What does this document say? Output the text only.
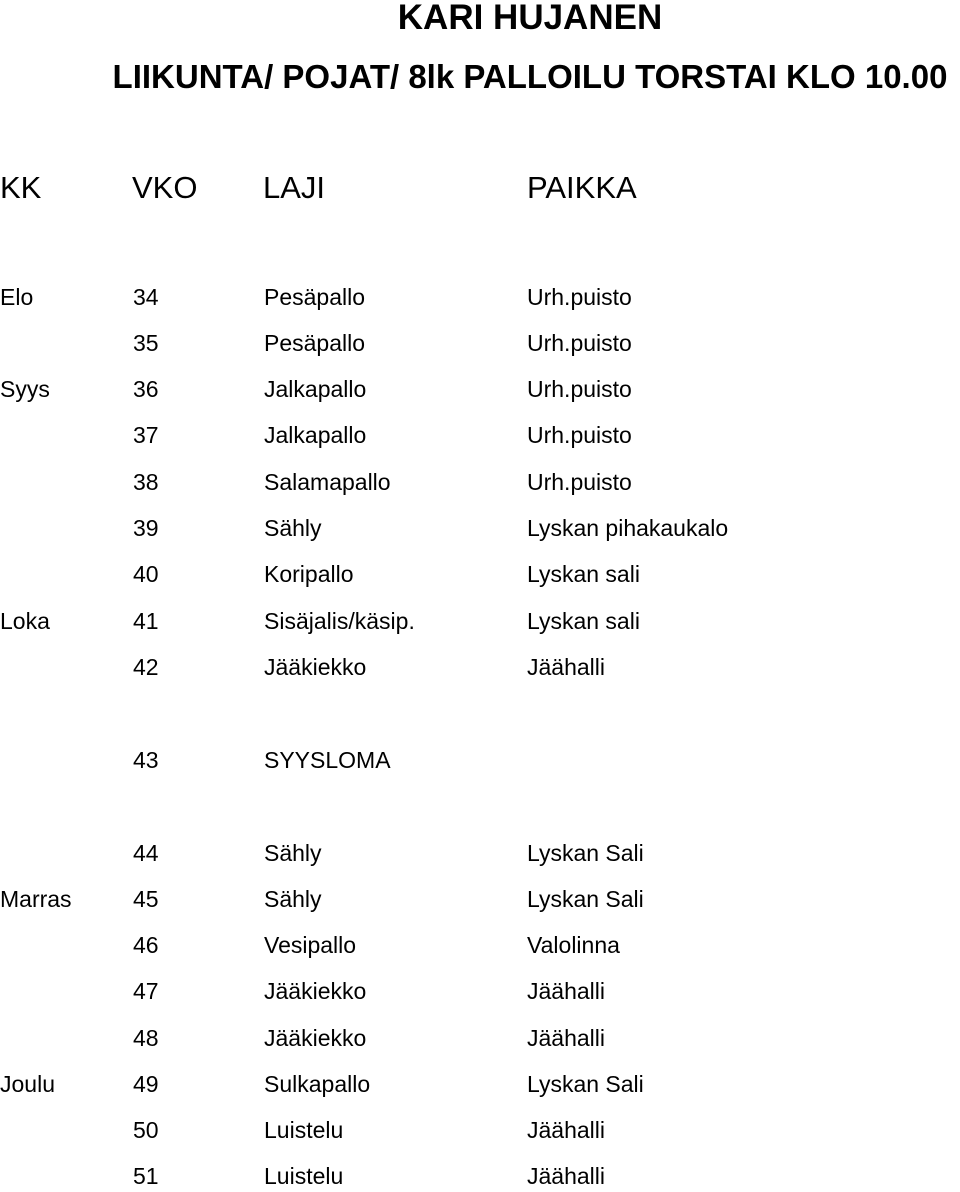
KARI HUJANEN
LIIKUNTA/ POJAT/ 8lk PALLOILU TORSTAI KLO 10.00
KK	VKO LAJI	PAIKKA
Elo	34	Pesäpallo	Urh.puisto
35	Pesäpallo	Urh.puisto
Syys	36	Jalkapallo	Urh.puisto
37	Jalkapallo	Urh.puisto
38	Salamapallo	Urh.puisto
39	Sähly	Lyskan pihakaukalo
40	Koripallo	Lyskan sali
Loka	41	Sisäjalis/käsip.	Lyskan sali
42	Jääkiekko	Jäähalli
43	SYYSLOMA
44	Sähly	Lyskan Sali
Marras	45	Sähly	Lyskan Sali
46	Vesipallo	Valolinna
47	Jääkiekko	Jäähalli
48	Jääkiekko	Jäähalli
Joulu	49	Sulkapallo	Lyskan Sali
50	Luistelu	Jäähalli
51	Luistelu	Jäähalli
